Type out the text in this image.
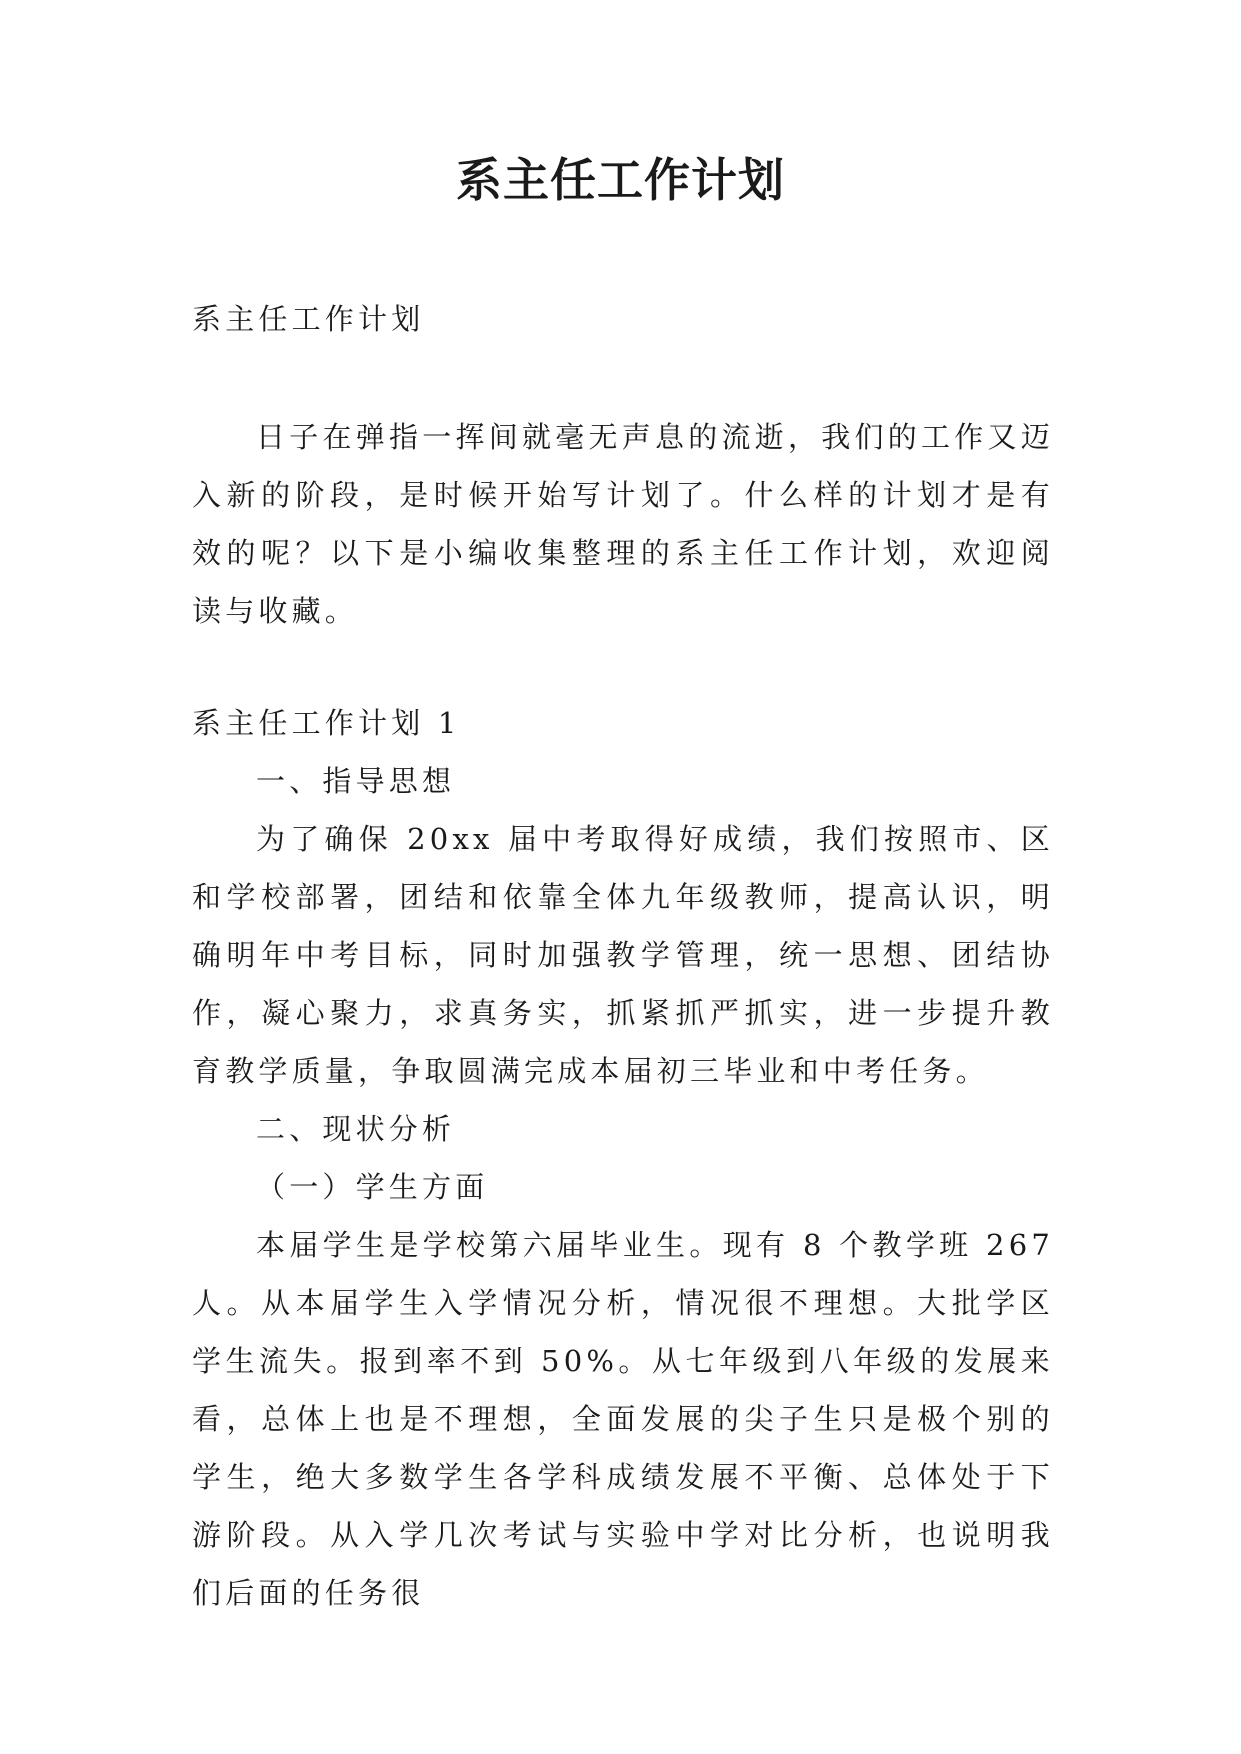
系主任工作计划

系主任工作计划

日子在弹指一挥间就毫无声息的流逝，我们的工作又迈入新的阶段，是时候开始写计划了。什么样的计划才是有效的呢？以下是小编收集整理的系主任工作计划，欢迎阅读与收藏。

系主任工作计划 1

一、指导思想

为了确保 20xx 届中考取得好成绩，我们按照市、区和学校部署，团结和依靠全体九年级教师，提高认识，明确明年中考目标，同时加强教学管理，统一思想、团结协作，凝心聚力，求真务实，抓紧抓严抓实，进一步提升教育教学质量，争取圆满完成本届初三毕业和中考任务。

二、现状分析

（一）学生方面

本届学生是学校第六届毕业生。现有 8 个教学班 267 人。从本届学生入学情况分析，情况很不理想。大批学区学生流失。报到率不到 50%。从七年级到八年级的发展来看，总体上也是不理想，全面发展的尖子生只是极个别的学生，绝大多数学生各学科成绩发展不平衡、总体处于下游阶段。从入学几次考试与实验中学对比分析，也说明我们后面的任务很
